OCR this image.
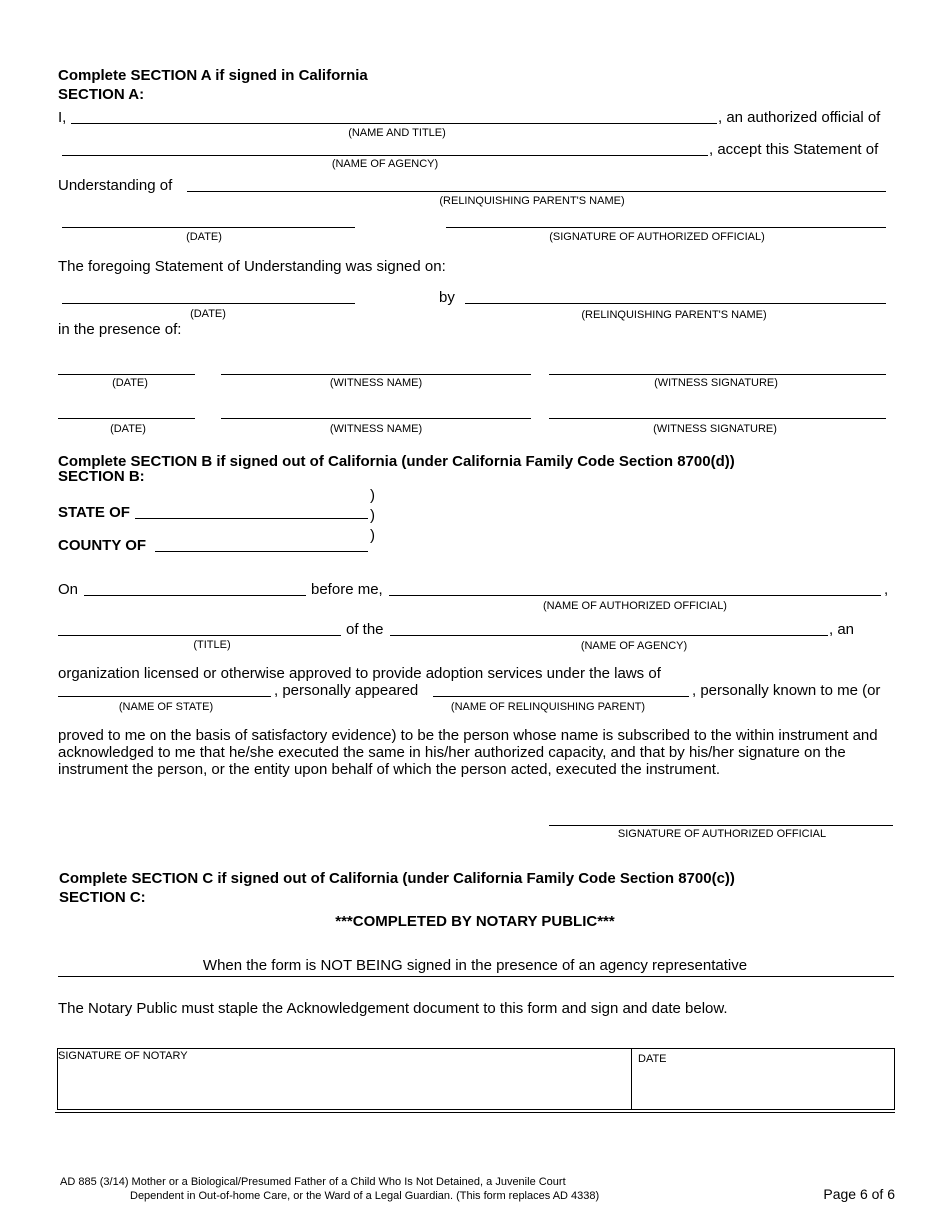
Complete SECTION A if signed in California
SECTION A:
I,	, an authorized official of
(NAME AND TITLE)
, accept this Statement of
(NAME OF AGENCY)
Understanding of
(RELINQUISHING PARENT'S NAME)
(DATE)	(SIGNATURE OF AUTHORIZED OFFICIAL)
The foregoing Statement of Understanding was signed on:
by
(DATE)	(RELINQUISHING PARENT'S NAME)
in the presence of:
(DATE)	(WITNESS NAME)	(WITNESS SIGNATURE)
(DATE)	(WITNESS NAME)	(WITNESS SIGNATURE)
Complete SECTION B if signed out of California (under California Family Code Section 8700(d))
SECTION B:
)
STATE OF	)
)
COUNTY OF
On	before me,	,
(NAME OF AUTHORIZED OFFICIAL)
of the	, an
(TITLE)	(NAME OF AGENCY)
organization licensed or otherwise approved to provide adoption services under the laws of
, personally appeared	, personally known to me (or
(NAME OF STATE)	(NAME OF RELINQUISHING PARENT)
proved to me on the basis of satisfactory evidence) to be the person whose name is subscribed to the within instrument and acknowledged to me that he/she executed the same in his/her authorized capacity, and that by his/her signature on the instrument the person, or the entity upon behalf of which the person acted, executed the instrument.
SIGNATURE OF AUTHORIZED OFFICIAL
Complete SECTION C if signed out of California (under California Family Code Section 8700(c))
SECTION C:
***COMPLETED BY NOTARY PUBLIC***
When the form is NOT BEING signed in the presence of an agency representative
The Notary Public must staple the Acknowledgement document to this form and sign and date below.
SIGNATURE OF NOTARY	DATE
AD 885 (3/14) Mother or a Biological/Presumed Father of a Child Who Is Not Detained, a Juvenile Court
Dependent in Out-of-home Care, or the Ward of a Legal Guardian. (This form replaces AD 4338)	Page 6 of 6
